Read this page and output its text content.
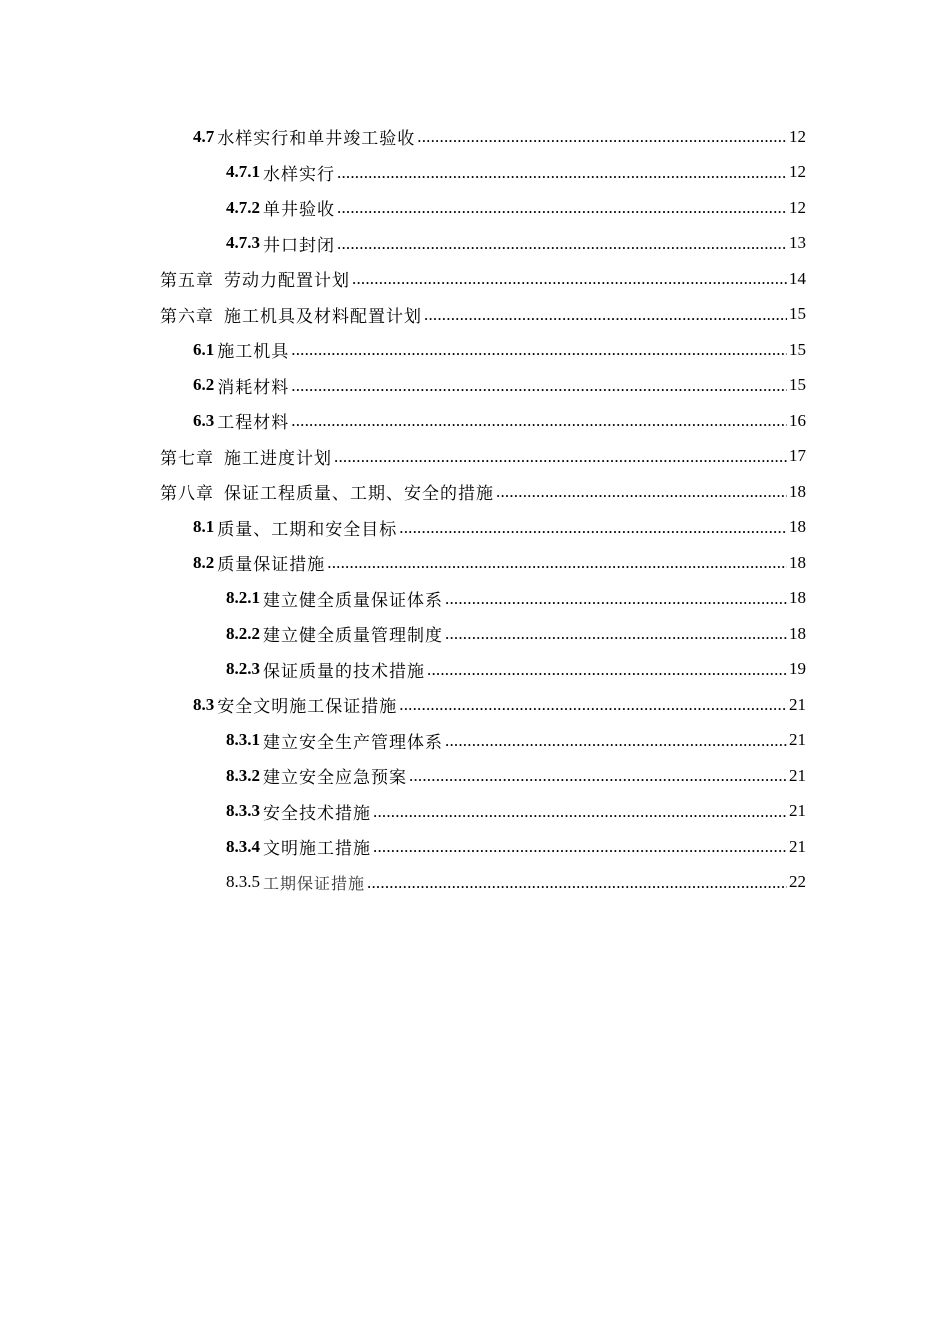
4.7 水样实行和单井竣工验收 .....	12
4.7.1 水样实行 .....	12
4.7.2 单井验收 .....	12
4.7.3 井口封闭 .....	13
第五章 劳动力配置计划 .....	14
第六章 施工机具及材料配置计划 .....	15
6.1 施工机具 .....	15
6.2 消耗材料 .....	15
6.3 工程材料 .....	16
第七章 施工进度计划 .....	17
第八章 保证工程质量、工期、安全的措施 .....	18
8.1 质量、工期和安全目标 .....	18
8.2 质量保证措施 .....	18
8.2.1 建立健全质量保证体系 .....	18
8.2.2 建立健全质量管理制度 .....	18
8.2.3 保证质量的技术措施 .....	19
8.3 安全文明施工保证措施 .....	21
8.3.1 建立安全生产管理体系 .....	21
8.3.2 建立安全应急预案 .....	21
8.3.3 安全技术措施 .....	21
8.3.4 文明施工措施 .....	21
8.3.5 工期保证措施 .....	22
